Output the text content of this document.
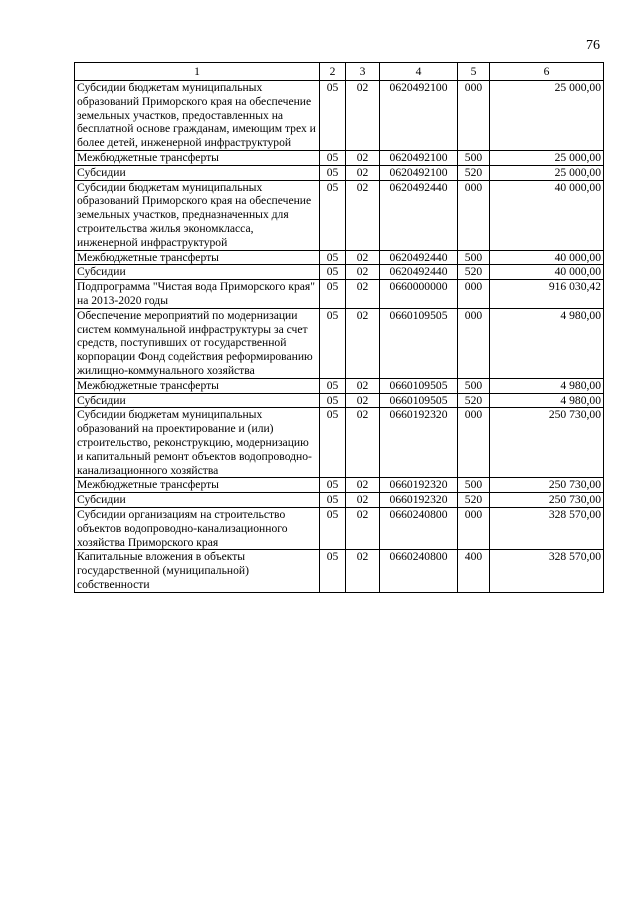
76
1	2	3	4	5	6
Субсидии бюджетам муниципальных образований Приморского края на обеспечение земельных участков, предоставленных на бесплатной основе гражданам, имеющим трех и более детей, инженерной инфраструктурой	05	02	0620492100	000	25 000,00
Межбюджетные трансферты	05	02	0620492100	500	25 000,00
Субсидии	05	02	0620492100	520	25 000,00
Субсидии бюджетам муниципальных образований Приморского края на обеспечение земельных участков, предназначенных для строительства жилья экономкласса, инженерной инфраструктурой	05	02	0620492440	000	40 000,00
Межбюджетные трансферты	05	02	0620492440	500	40 000,00
Субсидии	05	02	0620492440	520	40 000,00
Подпрограмма "Чистая вода Приморского края" на 2013-2020 годы	05	02	0660000000	000	916 030,42
Обеспечение мероприятий по модернизации систем коммунальной инфраструктуры за счет средств, поступивших от государственной корпорации Фонд содействия реформированию жилищно-коммунального хозяйства	05	02	0660109505	000	4 980,00
Межбюджетные трансферты	05	02	0660109505	500	4 980,00
Субсидии	05	02	0660109505	520	4 980,00
Субсидии бюджетам муниципальных образований на проектирование и (или) строительство, реконструкцию, модернизацию и капитальный ремонт объектов водопроводно-канализационного хозяйства	05	02	0660192320	000	250 730,00
Межбюджетные трансферты	05	02	0660192320	500	250 730,00
Субсидии	05	02	0660192320	520	250 730,00
Субсидии организациям на строительство объектов водопроводно-канализационного хозяйства Приморского края	05	02	0660240800	000	328 570,00
Капитальные вложения в объекты государственной (муниципальной) собственности	05	02	0660240800	400	328 570,00
